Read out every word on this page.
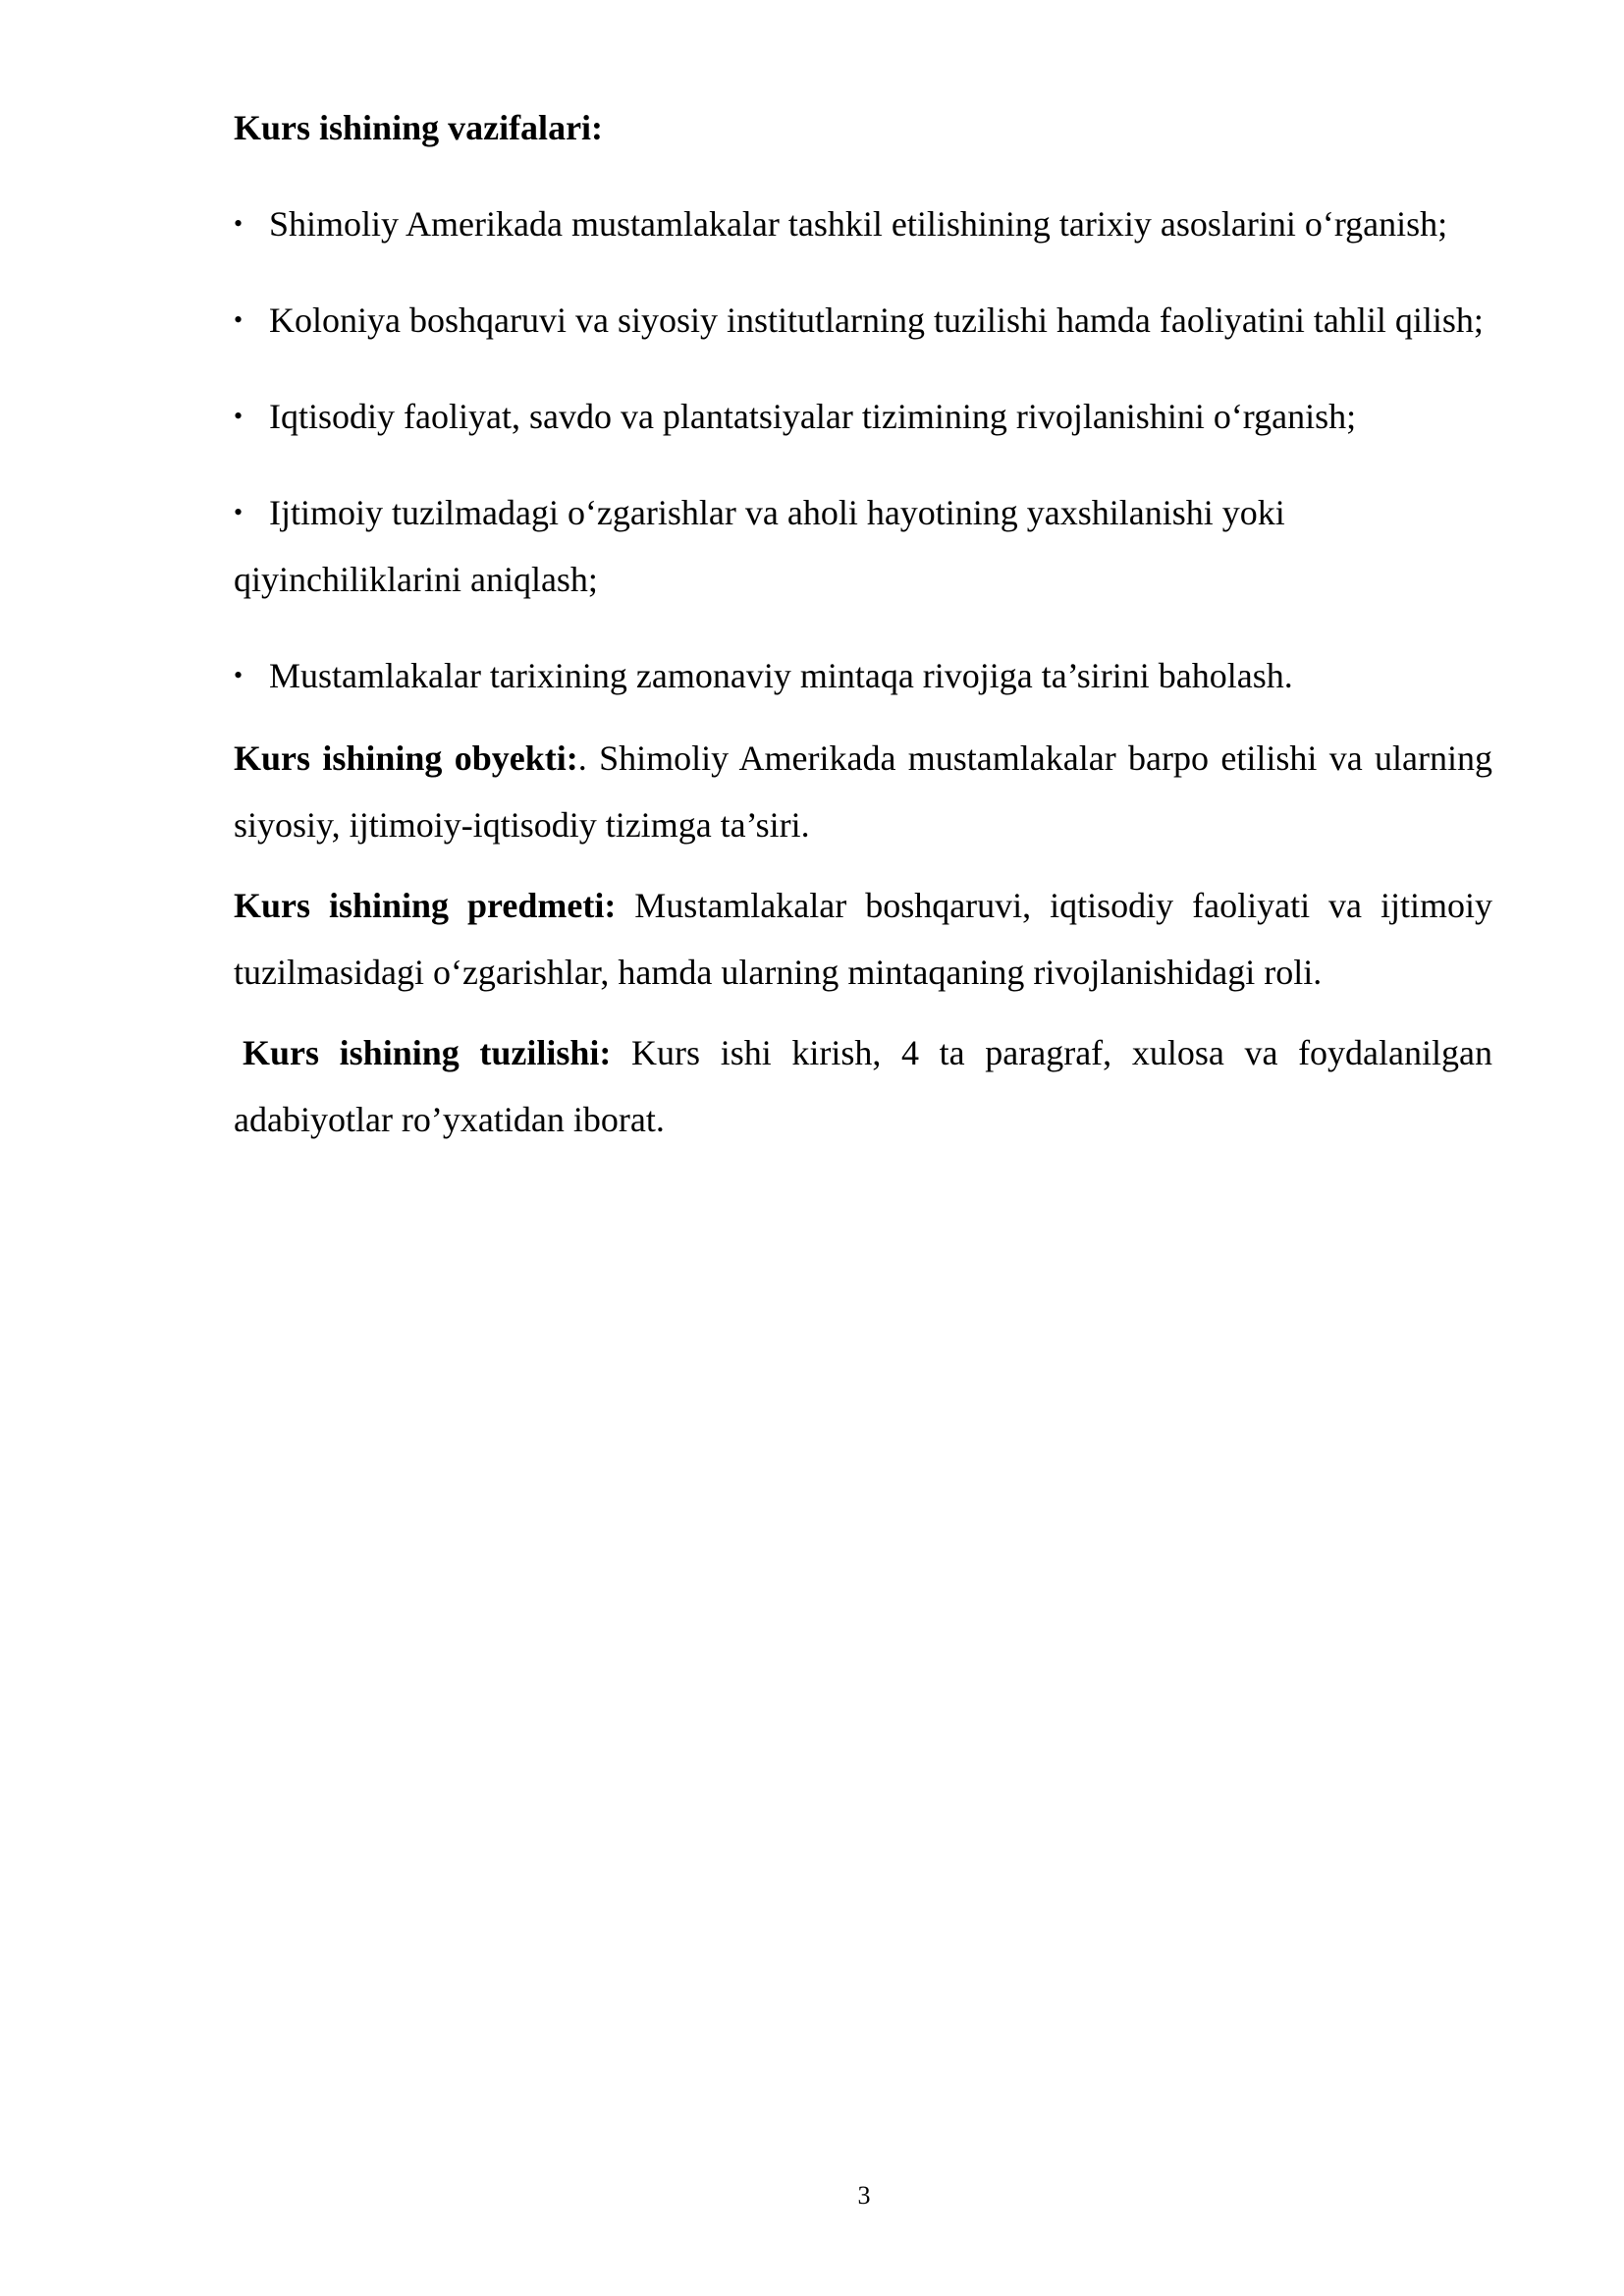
Kurs ishining vazifalari:
• Shimoliy Amerikada mustamlakalar tashkil etilishining tarixiy asoslarini o‘rganish;
• Koloniya boshqaruvi va siyosiy institutlarning tuzilishi hamda faoliyatini tahlil qilish;
• Iqtisodiy faoliyat, savdo va plantatsiyalar tizimining rivojlanishini o‘rganish;
• Ijtimoiy tuzilmadagi o‘zgarishlar va aholi hayotining yaxshilanishi yoki qiyinchiliklarini aniqlash;
• Mustamlakalar tarixining zamonaviy mintaqa rivojiga ta’sirini baholash.

Kurs ishining obyekti:. Shimoliy Amerikada mustamlakalar barpo etilishi va ularning siyosiy, ijtimoiy-iqtisodiy tizimga ta’siri.

Kurs ishining predmeti: Mustamlakalar boshqaruvi, iqtisodiy faoliyati va ijtimoiy tuzilmasidagi o‘zgarishlar, hamda ularning mintaqaning rivojlanishidagi roli.

Kurs ishining tuzilishi: Kurs ishi kirish, 4 ta paragraf, xulosa va foydalanilgan adabiyotlar ro’yxatidan iborat.

3
